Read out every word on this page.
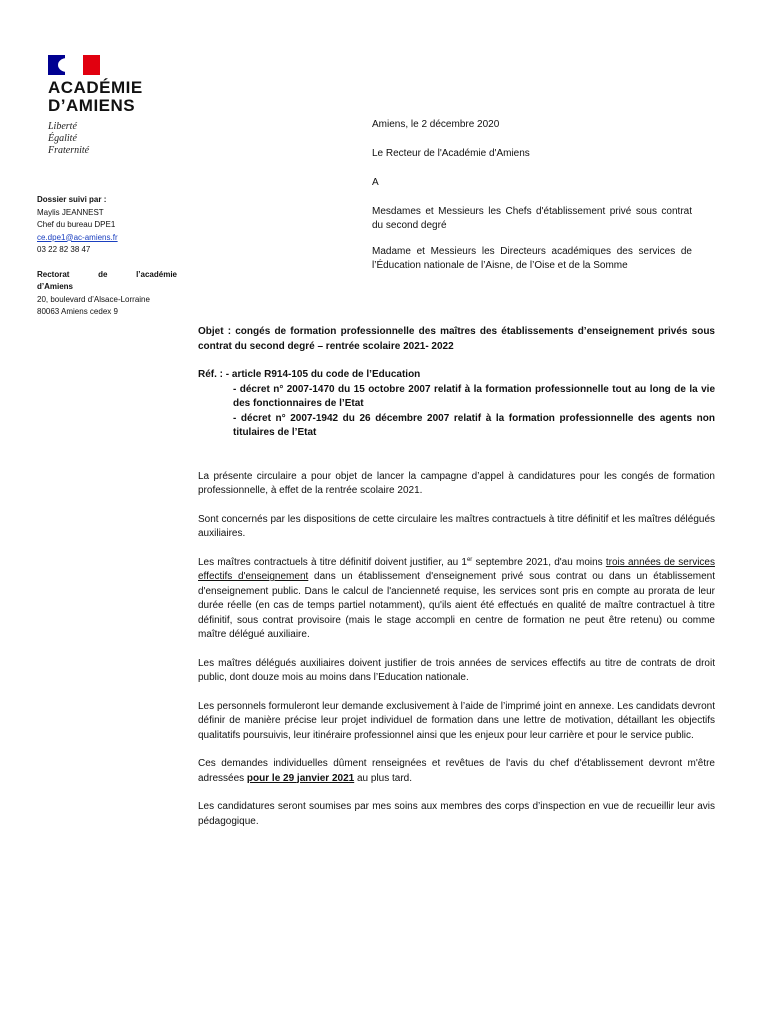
ACADÉMIE
D’AMIENS
Liberté
Égalité
Fraternité
Dossier suivi par :
Maylis JEANNEST
Chef du bureau DPE1
ce.dpe1@ac-amiens.fr
03 22 82 38 47
Rectorat	de	l’académie
d’Amiens
20, boulevard d’Alsace-Lorraine
80063 Amiens cedex 9

Amiens, le 2 décembre 2020

Le Recteur de l'Académie d'Amiens

A

Mesdames et Messieurs les Chefs d'établissement privé sous contrat du second degré

Madame et Messieurs les Directeurs académiques des services de l’Éducation nationale de l’Aisne, de l’Oise et de la Somme

Objet : congés de formation professionnelle des maîtres des établissements d’enseignement privés sous contrat du second degré – rentrée scolaire 2021- 2022

Réf. : - article R914-105 du code de l’Education

- décret n° 2007-1470 du 15 octobre 2007 relatif à la formation professionnelle tout au long de la vie des fonctionnaires de l’Etat

- décret n° 2007-1942 du 26 décembre 2007 relatif à la formation professionnelle des agents non titulaires de l’Etat

La présente circulaire a pour objet de lancer la campagne d’appel à candidatures pour les congés de formation professionnelle, à effet de la rentrée scolaire 2021.

Sont concernés par les dispositions de cette circulaire les maîtres contractuels à titre définitif et les maîtres délégués auxiliaires.

Les maîtres contractuels à titre définitif doivent justifier, au 1er septembre 2021, d'au moins trois années de services effectifs d'enseignement dans un établissement d'enseignement privé sous contrat ou dans un établissement d'enseignement public. Dans le calcul de l'ancienneté requise, les services sont pris en compte au prorata de leur durée réelle (en cas de temps partiel notamment), qu'ils aient été effectués en qualité de maître contractuel à titre définitif, sous contrat provisoire (mais le stage accompli en centre de formation ne peut être retenu) ou comme maître délégué auxiliaire.

Les maîtres délégués auxiliaires doivent justifier de trois années de services effectifs au titre de contrats de droit public, dont douze mois au moins dans l’Education nationale.

Les personnels formuleront leur demande exclusivement à l’aide de l’imprimé joint en annexe. Les candidats devront définir de manière précise leur projet individuel de formation dans une lettre de motivation, détaillant les objectifs qualitatifs poursuivis, leur itinéraire professionnel ainsi que les enjeux pour leur carrière et pour le service public.

Ces demandes individuelles dûment renseignées et revêtues de l'avis du chef d'établissement devront m'être adressées pour le 29 janvier 2021 au plus tard.

Les candidatures seront soumises par mes soins aux membres des corps d’inspection en vue de recueillir leur avis pédagogique.
